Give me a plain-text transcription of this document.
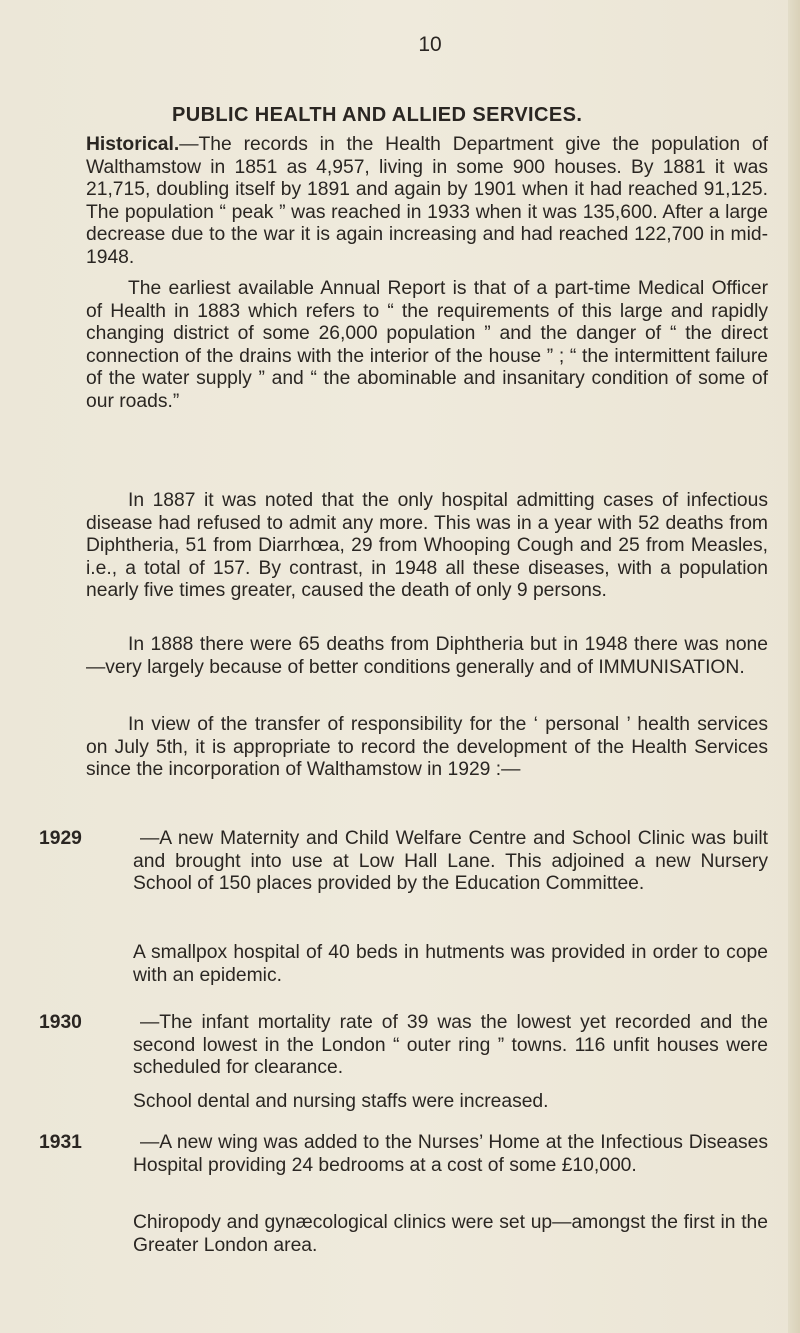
10
PUBLIC HEALTH AND ALLIED SERVICES.

Historical.—The records in the Health Department give the population of Walthamstow in 1851 as 4,957, living in some 900 houses. By 1881 it was 21,715, doubling itself by 1891 and again by 1901 when it had reached 91,125. The population “ peak ” was reached in 1933 when it was 135,600. After a large decrease due to the war it is again increasing and had reached 122,700 in mid-1948.

The earliest available Annual Report is that of a part-time Medical Officer of Health in 1883 which refers to “ the requirements of this large and rapidly changing district of some 26,000 population ” and the danger of “ the direct connection of the drains with the interior of the house ” ; “ the intermittent failure of the water supply ” and “ the abominable and insanitary condition of some of our roads.”

In 1887 it was noted that the only hospital admitting cases of infectious disease had refused to admit any more. This was in a year with 52 deaths from Diphtheria, 51 from Diarrhœa, 29 from Whooping Cough and 25 from Measles, i.e., a total of 157. By contrast, in 1948 all these diseases, with a population nearly five times greater, caused the death of only 9 persons.

In 1888 there were 65 deaths from Diphtheria but in 1948 there was none—very largely because of better conditions generally and of IMMUNISATION.

In view of the transfer of responsibility for the ‘ personal ’ health services on July 5th, it is appropriate to record the development of the Health Services since the incorporation of Walthamstow in 1929 :—

1929	—A new Maternity and Child Welfare Centre and School Clinic was built and brought into use at Low Hall Lane. This adjoined a new Nursery School of 150 places provided by the Education Committee.

A smallpox hospital of 40 beds in hutments was provided in order to cope with an epidemic.

1930	—The infant mortality rate of 39 was the lowest yet recorded and the second lowest in the London “ outer ring ” towns. 116 unfit houses were scheduled for clearance.

School dental and nursing staffs were increased.

1931	—A new wing was added to the Nurses’ Home at the Infectious Diseases Hospital providing 24 bedrooms at a cost of some £10,000.

Chiropody and gynæcological clinics were set up—amongst the first in the Greater London area.
